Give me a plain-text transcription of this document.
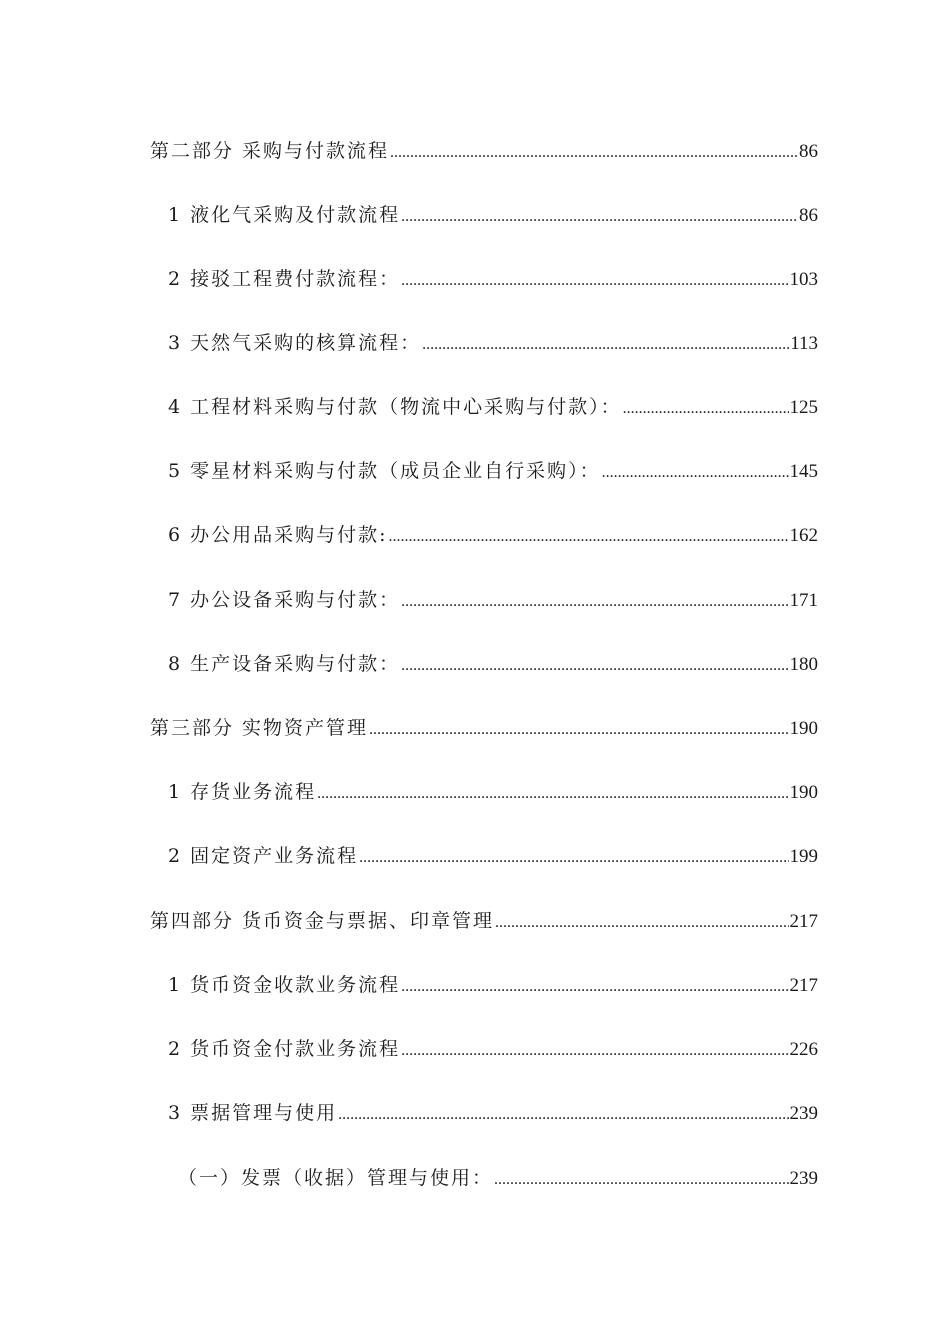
第二部分 采购与付款流程 .....	86
1 液化气采购及付款流程 .....	86
2 接驳工程费付款流程： .....	103
3 天然气采购的核算流程： .....	113
4 工程材料采购与付款（物流中心采购与付款）： .....	125
5 零星材料采购与付款（成员企业自行采购）： .....	145
6 办公用品采购与付款: .....	162
7 办公设备采购与付款： .....	171
8 生产设备采购与付款： .....	180
第三部分 实物资产管理 .....	190
1 存货业务流程 .....	190
2 固定资产业务流程 .....	199
第四部分 货币资金与票据、印章管理 .....	217
1 货币资金收款业务流程 .....	217
2 货币资金付款业务流程 .....	226
3 票据管理与使用 .....	239
（一）发票（收据）管理与使用： .....	239
